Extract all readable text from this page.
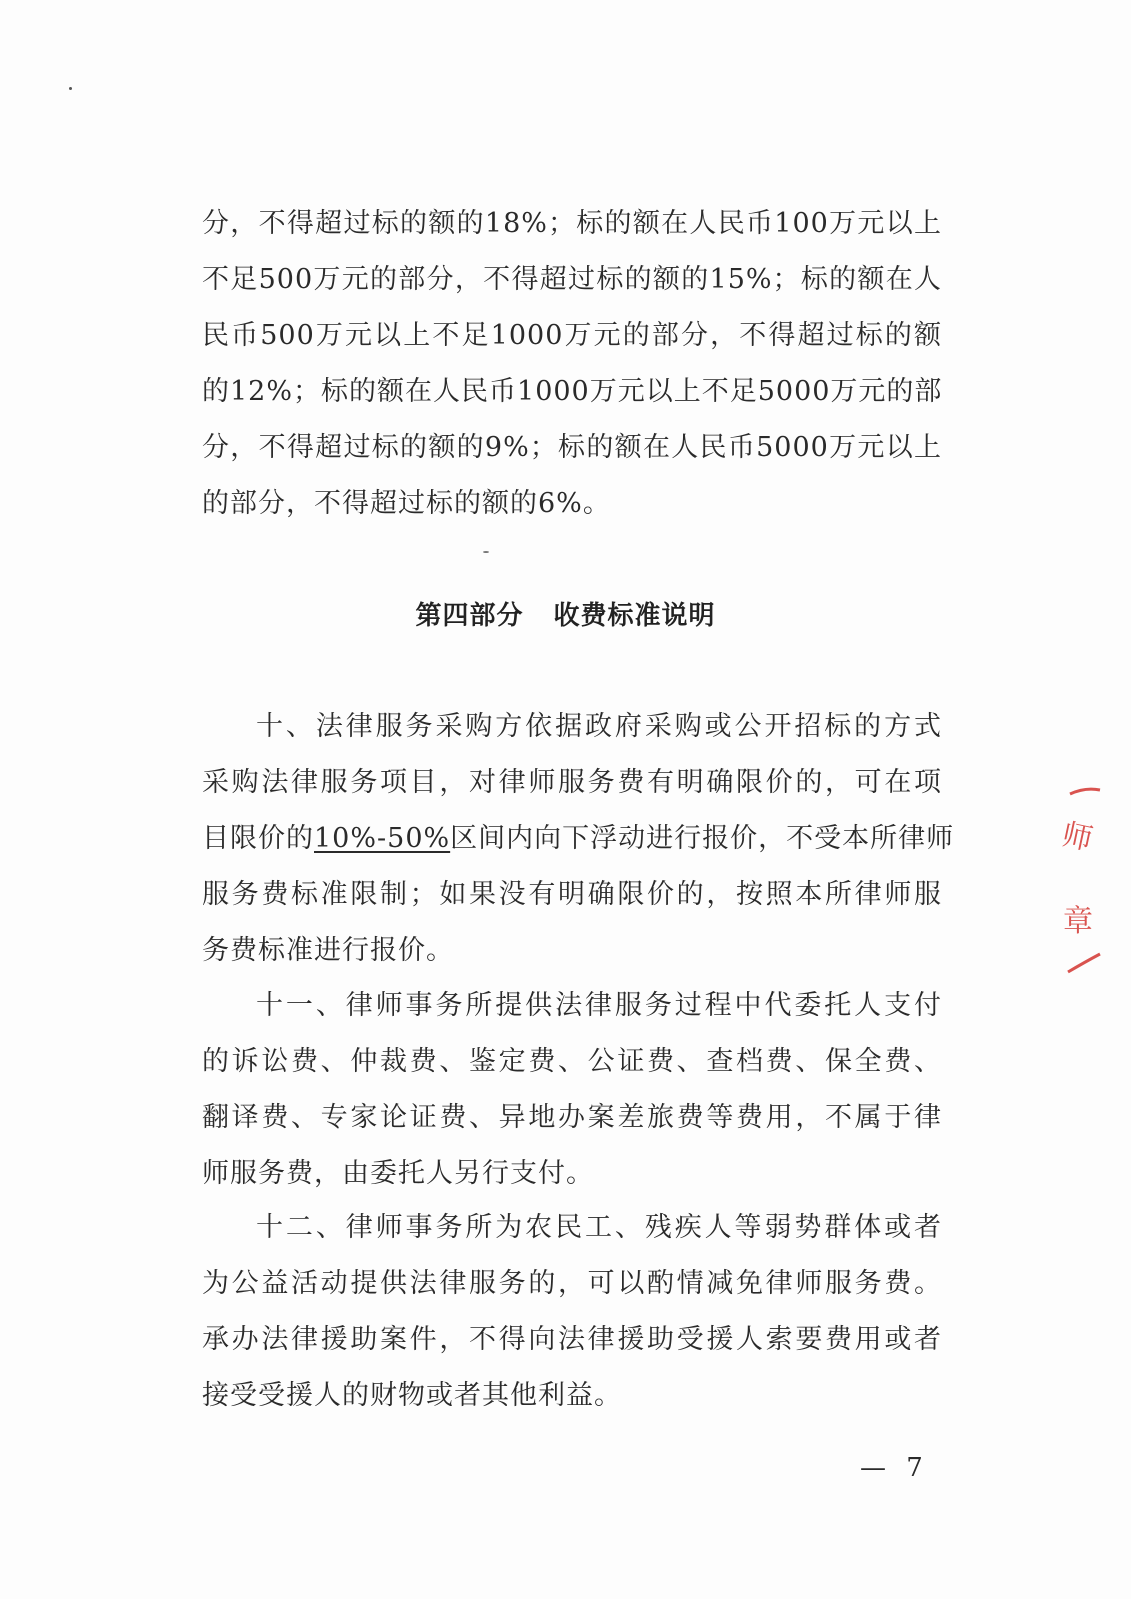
分，不得超过标的额的18%；标的额在人民币100万元以上
不足500万元的部分，不得超过标的额的15%；标的额在人
民币500万元以上不足1000万元的部分，不得超过标的额
的12%；标的额在人民币1000万元以上不足5000万元的部
分，不得超过标的额的9%；标的额在人民币5000万元以上
的部分，不得超过标的额的6%。
第四部分 收费标准说明
十、法律服务采购方依据政府采购或公开招标的方式
采购法律服务项目，对律师服务费有明确限价的，可在项
目限价的10%-50%区间内向下浮动进行报价，不受本所律师
服务费标准限制；如果没有明确限价的，按照本所律师服
务费标准进行报价。
十一、律师事务所提供法律服务过程中代委托人支付
的诉讼费、仲裁费、鉴定费、公证费、查档费、保全费、
翻译费、专家论证费、异地办案差旅费等费用，不属于律
师服务费，由委托人另行支付。
十二、律师事务所为农民工、残疾人等弱势群体或者
为公益活动提供法律服务的，可以酌情减免律师服务费。
承办法律援助案件，不得向法律援助受援人索要费用或者
接受受援人的财物或者其他利益。
师
章
— 7
